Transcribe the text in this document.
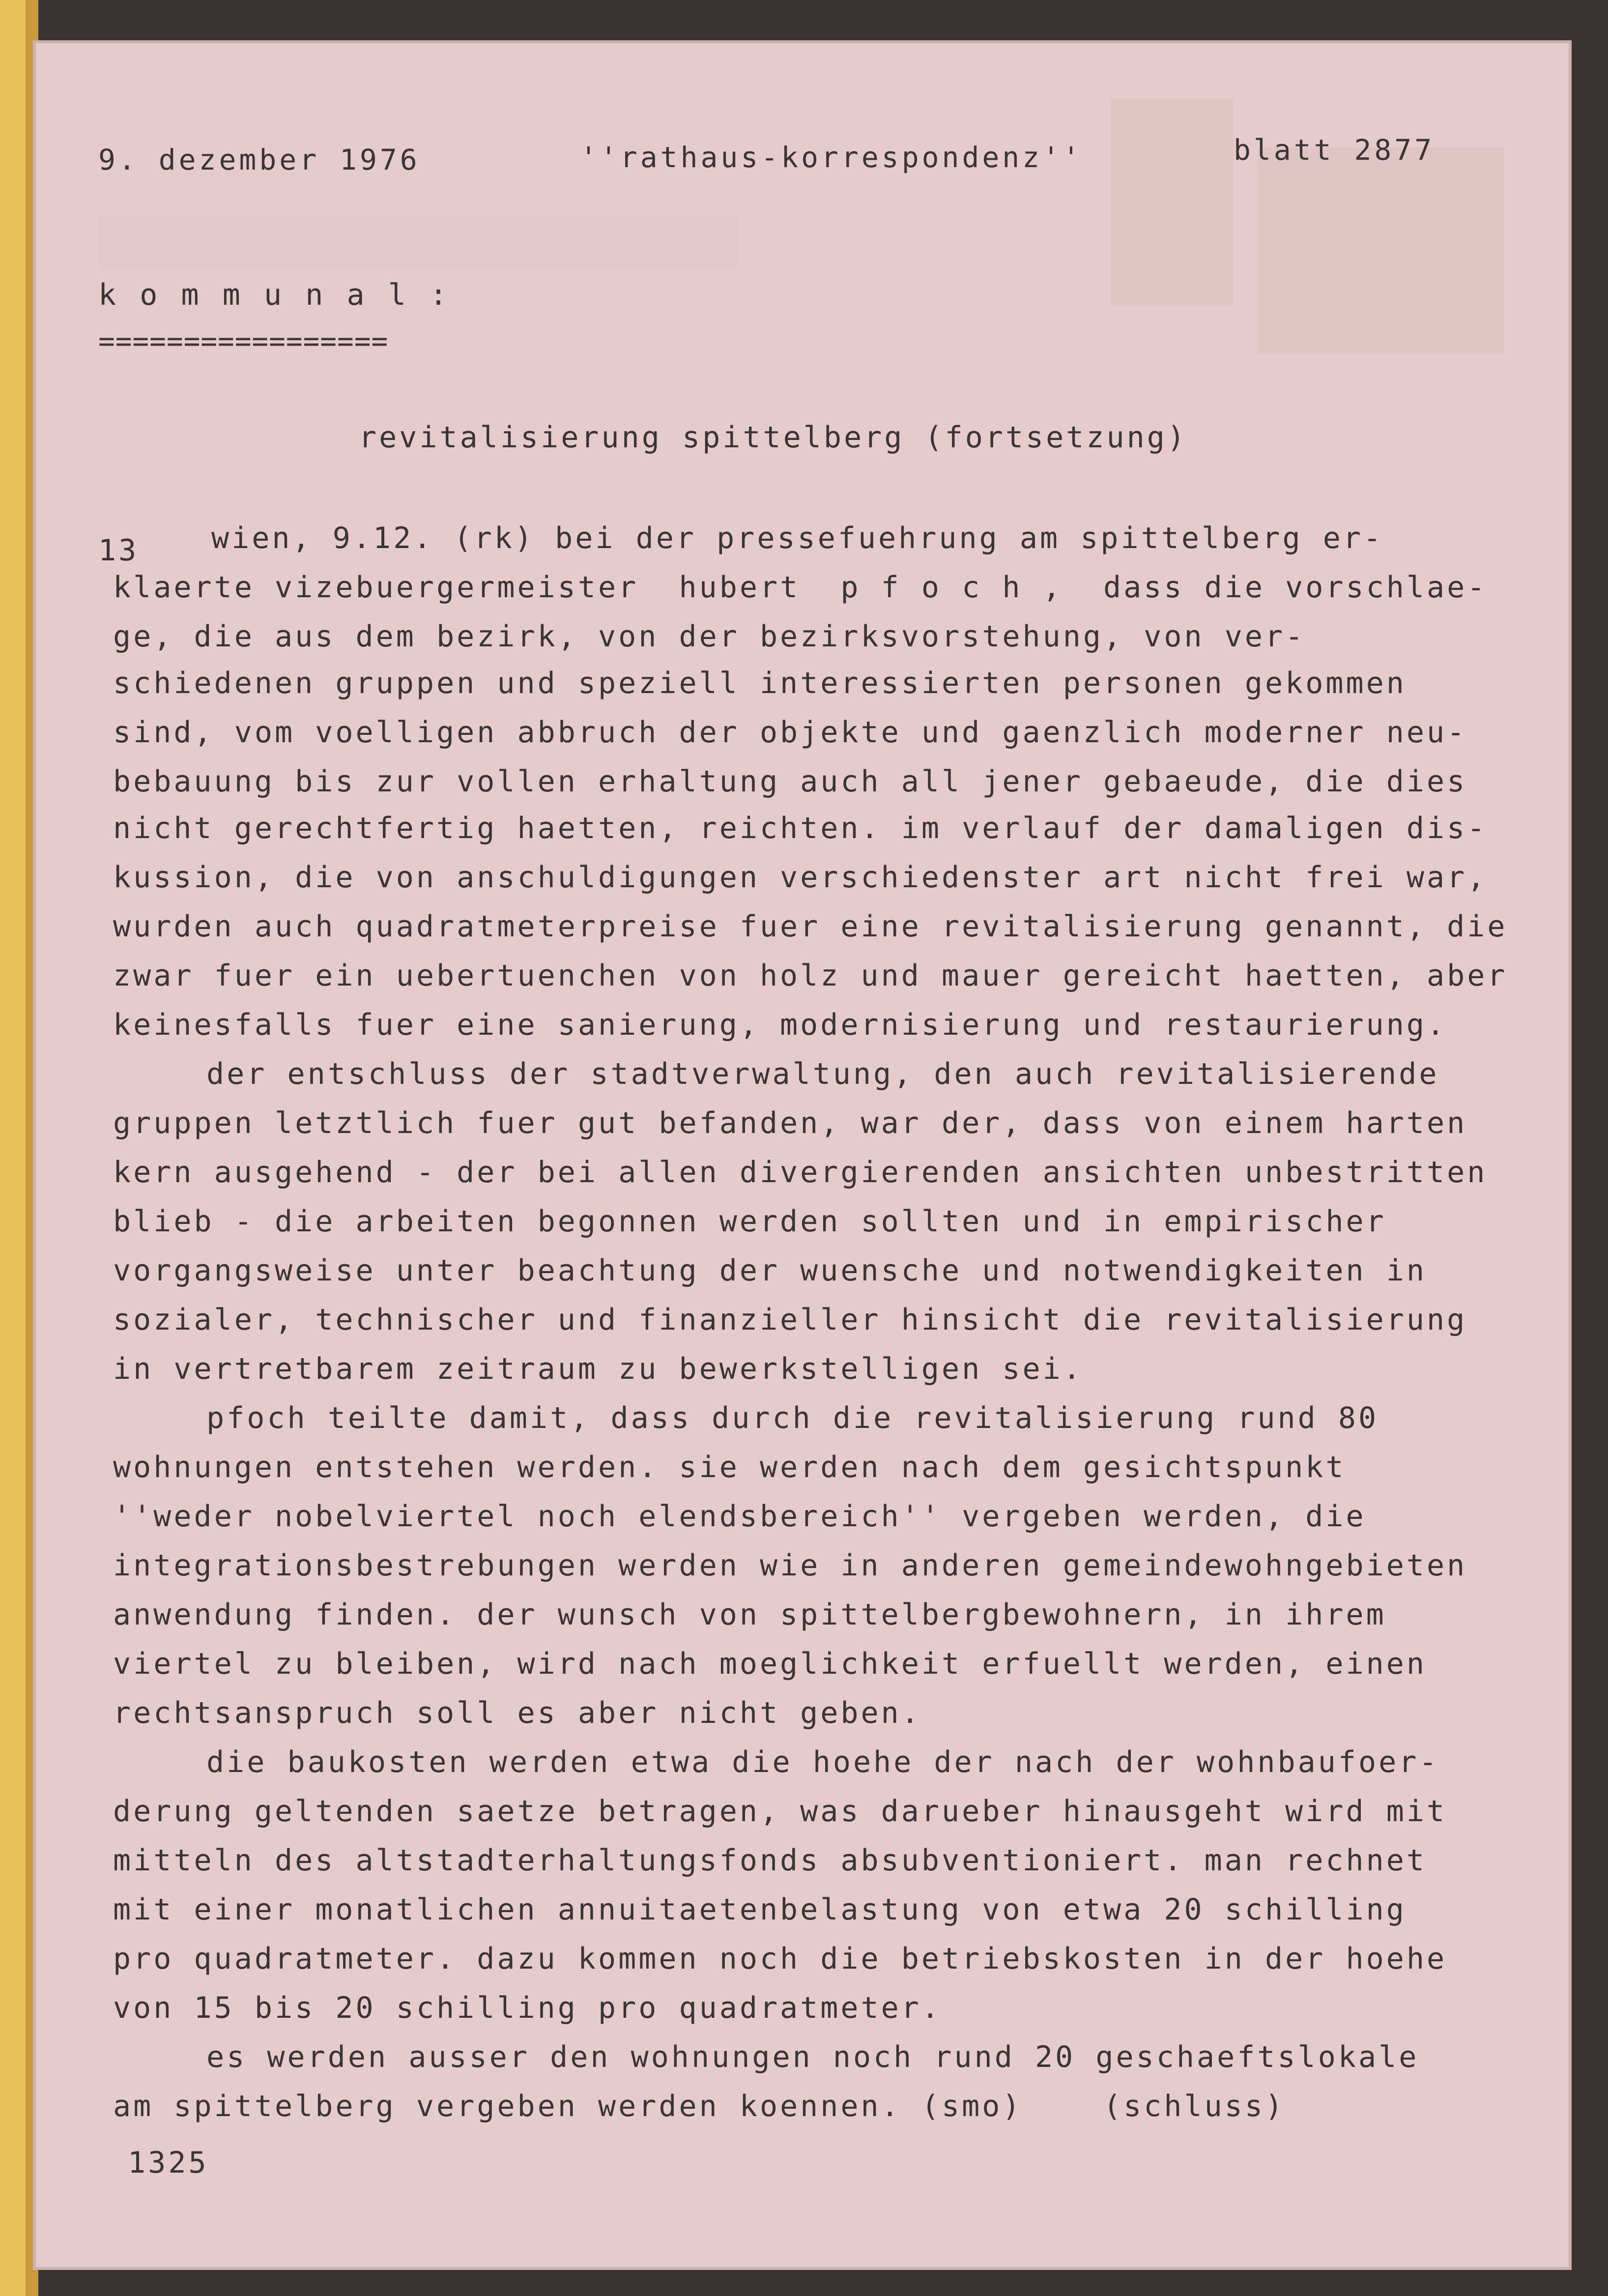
9. dezember 1976	''rathaus-korrespondenz''	blatt 2877
k o m m u n a l :
=================
revitalisierung spittelberg (fortsetzung)
13 wien, 9.12. (rk) bei der pressefuehrung am spittelberg er-
klaerte vizebuergermeister  hubert  p f o c h ,  dass die vorschlae-
ge, die aus dem bezirk, von der bezirksvorstehung, von ver-
schiedenen gruppen und speziell interessierten personen gekommen
sind, vom voelligen abbruch der objekte und gaenzlich moderner neu-
bebauung bis zur vollen erhaltung auch all jener gebaeude, die dies
nicht gerechtfertig haetten, reichten. im verlauf der damaligen dis-
kussion, die von anschuldigungen verschiedenster art nicht frei war,
wurden auch quadratmeterpreise fuer eine revitalisierung genannt, die
zwar fuer ein uebertuenchen von holz und mauer gereicht haetten, aber
keinesfalls fuer eine sanierung, modernisierung und restaurierung.
der entschluss der stadtverwaltung, den auch revitalisierende
gruppen letztlich fuer gut befanden, war der, dass von einem harten
kern ausgehend - der bei allen divergierenden ansichten unbestritten
blieb - die arbeiten begonnen werden sollten und in empirischer
vorgangsweise unter beachtung der wuensche und notwendigkeiten in
sozialer, technischer und finanzieller hinsicht die revitalisierung
in vertretbarem zeitraum zu bewerkstelligen sei.
pfoch teilte damit, dass durch die revitalisierung rund 80
wohnungen entstehen werden. sie werden nach dem gesichtspunkt
''weder nobelviertel noch elendsbereich'' vergeben werden, die
integrationsbestrebungen werden wie in anderen gemeindewohngebieten
anwendung finden. der wunsch von spittelbergbewohnern, in ihrem
viertel zu bleiben, wird nach moeglichkeit erfuellt werden, einen
rechtsanspruch soll es aber nicht geben.
die baukosten werden etwa die hoehe der nach der wohnbaufoer-
derung geltenden saetze betragen, was darueber hinausgeht wird mit
mitteln des altstadterhaltungsfonds absubventioniert. man rechnet
mit einer monatlichen annuitaetenbelastung von etwa 20 schilling
pro quadratmeter. dazu kommen noch die betriebskosten in der hoehe
von 15 bis 20 schilling pro quadratmeter.
es werden ausser den wohnungen noch rund 20 geschaeftslokale
am spittelberg vergeben werden koennen. (smo)    (schluss)
1325
